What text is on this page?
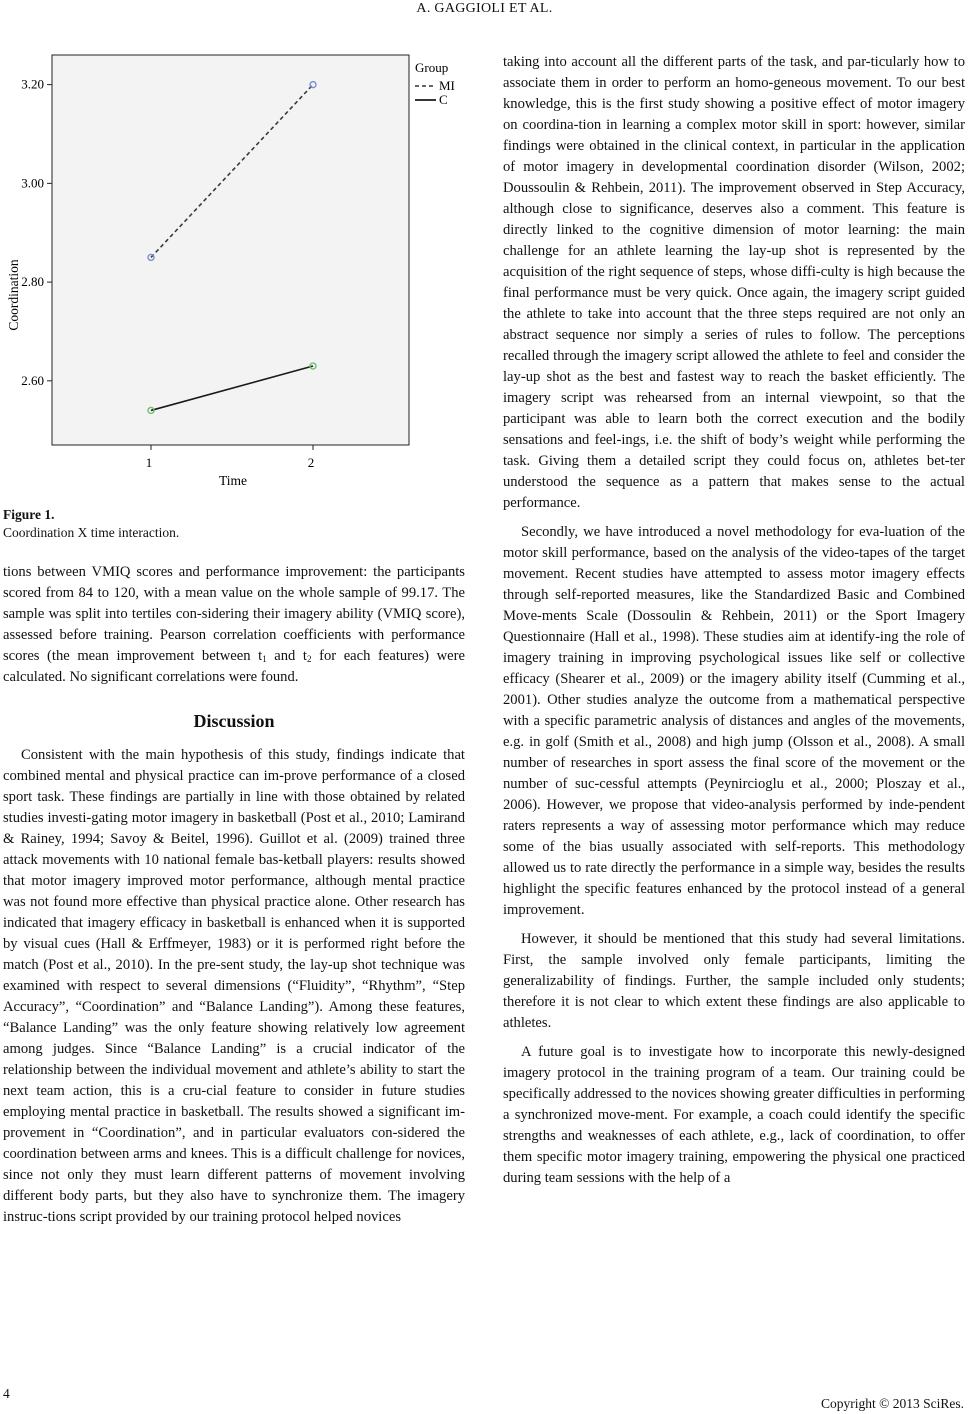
A. GAGGIOLI ET AL.
2.60
2.80
3.00
3.20
1	2
Coordination
Time
Group
MI
C
Figure 1.
Coordination X time interaction.

tions between VMIQ scores and performance improvement: the participants scored from 84 to 120, with a mean value on the whole sample of 99.17. The sample was split into tertiles con-sidering their imagery ability (VMIQ score), assessed before training. Pearson correlation coefficients with performance scores (the mean improvement between $t_1$ and $t_2$ for each features) were calculated. No significant correlations were found.

Discussion

Consistent with the main hypothesis of this study, findings indicate that combined mental and physical practice can im-prove performance of a closed sport task. These findings are partially in line with those obtained by related studies investi-gating motor imagery in basketball (Post et al., 2010; Lamirand & Rainey, 1994; Savoy & Beitel, 1996). Guillot et al. (2009) trained three attack movements with 10 national female bas-ketball players: results showed that motor imagery improved motor performance, although mental practice was not found more effective than physical practice alone. Other research has indicated that imagery efficacy in basketball is enhanced when it is supported by visual cues (Hall & Erffmeyer, 1983) or it is performed right before the match (Post et al., 2010). In the pre-sent study, the lay-up shot technique was examined with respect to several dimensions (“Fluidity”, “Rhythm”, “Step Accuracy”, “Coordination” and “Balance Landing”). Among these features, “Balance Landing” was the only feature showing relatively low agreement among judges. Since “Balance Landing” is a crucial indicator of the relationship between the individual movement and athlete’s ability to start the next team action, this is a cru-cial feature to consider in future studies employing mental practice in basketball. The results showed a significant im-provement in “Coordination”, and in particular evaluators con-sidered the coordination between arms and knees. This is a difficult challenge for novices, since not only they must learn different patterns of movement involving different body parts, but they also have to synchronize them. The imagery instruc-tions script provided by our training protocol helped novices

taking into account all the different parts of the task, and par-ticularly how to associate them in order to perform an homo-geneous movement. To our best knowledge, this is the first study showing a positive effect of motor imagery on coordina-tion in learning a complex motor skill in sport: however, similar findings were obtained in the clinical context, in particular in the application of motor imagery in developmental coordination disorder (Wilson, 2002; Doussoulin & Rehbein, 2011). The improvement observed in Step Accuracy, although close to significance, deserves also a comment. This feature is directly linked to the cognitive dimension of motor learning: the main challenge for an athlete learning the lay-up shot is represented by the acquisition of the right sequence of steps, whose diffi-culty is high because the final performance must be very quick. Once again, the imagery script guided the athlete to take into account that the three steps required are not only an abstract sequence nor simply a series of rules to follow. The perceptions recalled through the imagery script allowed the athlete to feel and consider the lay-up shot as the best and fastest way to reach the basket efficiently. The imagery script was rehearsed from an internal viewpoint, so that the participant was able to learn both the correct execution and the bodily sensations and feel-ings, i.e. the shift of body’s weight while performing the task. Giving them a detailed script they could focus on, athletes bet-ter understood the sequence as a pattern that makes sense to the actual performance.

Secondly, we have introduced a novel methodology for eva-luation of the motor skill performance, based on the analysis of the video-tapes of the target movement. Recent studies have attempted to assess motor imagery effects through self-reported measures, like the Standardized Basic and Combined Move-ments Scale (Dossoulin & Rehbein, 2011) or the Sport Imagery Questionnaire (Hall et al., 1998). These studies aim at identify-ing the role of imagery training in improving psychological issues like self or collective efficacy (Shearer et al., 2009) or the imagery ability itself (Cumming et al., 2001). Other studies analyze the outcome from a mathematical perspective with a specific parametric analysis of distances and angles of the movements, e.g. in golf (Smith et al., 2008) and high jump (Olsson et al., 2008). A small number of researches in sport assess the final score of the movement or the number of suc-cessful attempts (Peynircioglu et al., 2000; Ploszay et al., 2006). However, we propose that video-analysis performed by inde-pendent raters represents a way of assessing motor performance which may reduce some of the bias usually associated with self-reports. This methodology allowed us to rate directly the performance in a simple way, besides the results highlight the specific features enhanced by the protocol instead of a general improvement.

However, it should be mentioned that this study had several limitations. First, the sample involved only female participants, limiting the generalizability of findings. Further, the sample included only students; therefore it is not clear to which extent these findings are also applicable to athletes.

A future goal is to investigate how to incorporate this newly-designed imagery protocol in the training program of a team. Our training could be specifically addressed to the novices showing greater difficulties in performing a synchronized move-ment. For example, a coach could identify the specific strengths and weaknesses of each athlete, e.g., lack of coordination, to offer them specific motor imagery training, empowering the physical one practiced during team sessions with the help of a

4
Copyright © 2013 SciRes.
